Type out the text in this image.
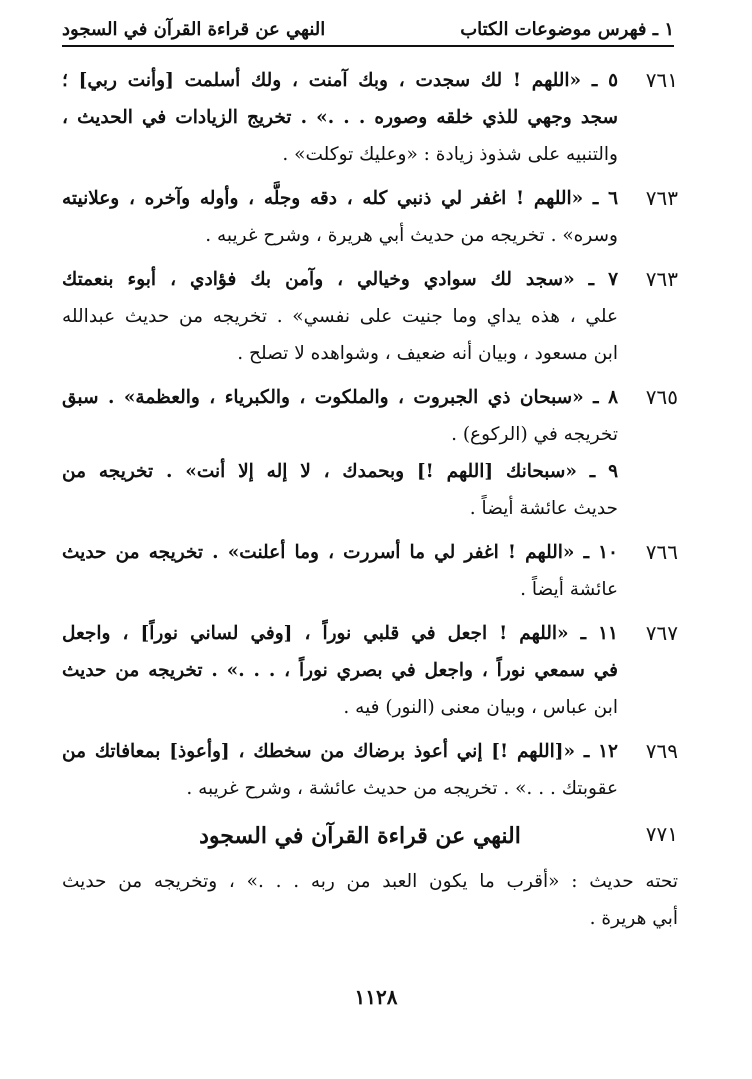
١ ـ فهرس موضوعات الكتاب
النهي عن قراءة القرآن في السجود
٧٦١
٥ ـ «اللهم ! لك سجدت ، وبك آمنت ، ولك أسلمت [وأنت ربي] ؛
سجد وجهي للذي خلقه وصوره . . .» . تخريج الزيادات في الحديث ،
والتنبيه على شذوذ زيادة : «وعليك توكلت» .
٧٦٣
٦ ـ «اللهم ! اغفر لي ذنبي كله ، دقه وجلَّه ، وأوله وآخره ، وعلانيته
وسره» . تخريجه من حديث أبي هريرة ، وشرح غريبه .
٧٦٣
٧ ـ «سجد لك سوادي وخيالي ، وآمن بك فؤادي ، أبوء بنعمتك
علي ، هذه يداي وما جنيت على نفسي» . تخريجه من حديث عبدالله
ابن مسعود ، وبيان أنه ضعيف ، وشواهده لا تصلح .
٧٦٥
٨ ـ «سبحان ذي الجبروت ، والملكوت ، والكبرياء ، والعظمة» . سبق
تخريجه في (الركوع) .
٩ ـ «سبحانك [اللهم !] وبحمدك ، لا إله إلا أنت» . تخريجه من
حديث عائشة أيضاً .
٧٦٦
١٠ ـ «اللهم ! اغفر لي ما أسررت ، وما أعلنت» . تخريجه من حديث
عائشة أيضاً .
٧٦٧
١١ ـ «اللهم ! اجعل في قلبي نوراً ، [وفي لساني نوراً] ، واجعل
في سمعي نوراً ، واجعل في بصري نوراً ، . . .» . تخريجه من حديث
ابن عباس ، وبيان معنى (النور) فيه .
٧٦٩
١٢ ـ «[اللهم !] إني أعوذ برضاك من سخطك ، [وأعوذ] بمعافاتك من
عقوبتك . . .» . تخريجه من حديث عائشة ، وشرح غريبه .
٧٧١
النهي عن قراءة القرآن في السجود
تحته حديث : «أقرب ما يكون العبد من ربه . . .» ، وتخريجه من حديث
أبي هريرة .
١١٢٨
